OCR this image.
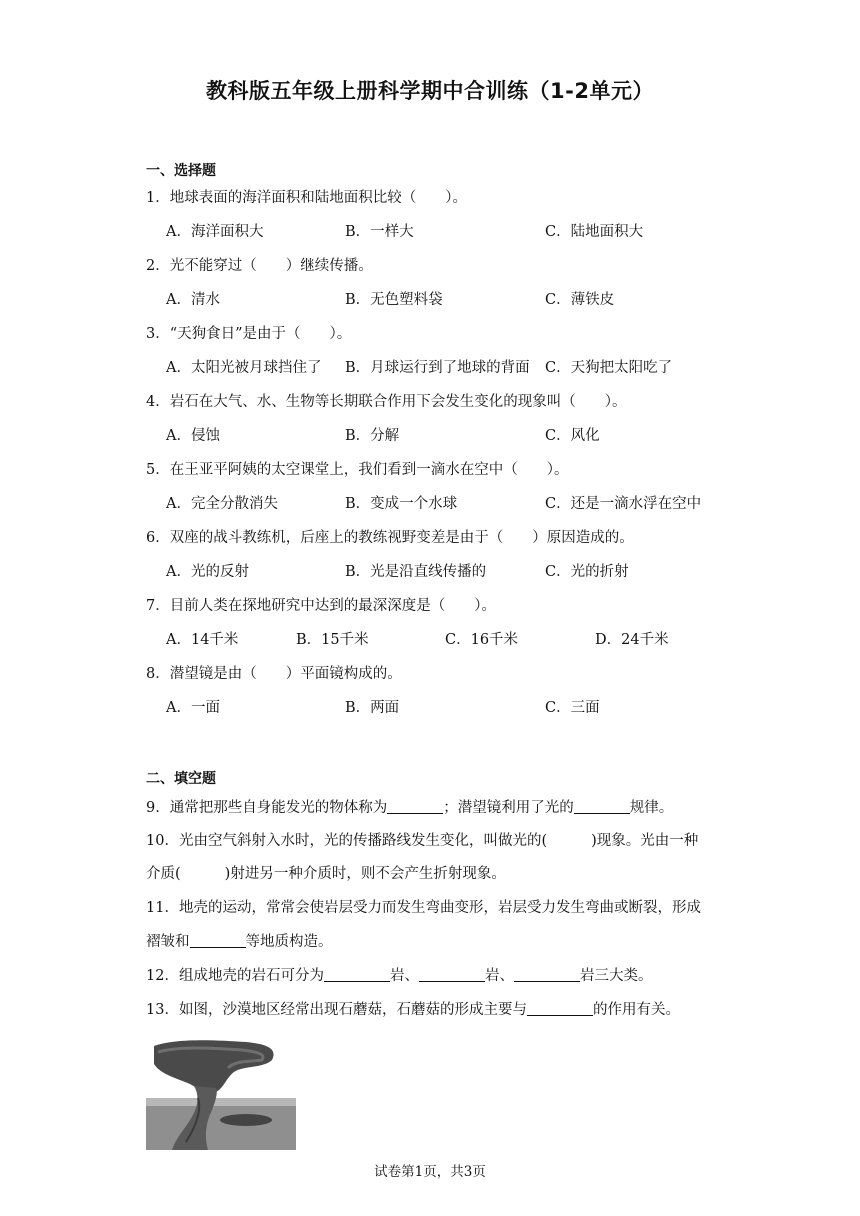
教科版五年级上册科学期中合训练（1-2单元）
一、选择题
1．地球表面的海洋面积和陆地面积比较（　　）。
A．海洋面积大	B．一样大	C．陆地面积大
2．光不能穿过（　　）继续传播。
A．清水	B．无色塑料袋	C．薄铁皮
3．“天狗食日”是由于（　　）。
A．太阳光被月球挡住了 B．月球运行到了地球的背面 C．天狗把太阳吃了
4．岩石在大气、水、生物等长期联合作用下会发生变化的现象叫（　　）。
A．侵蚀	B．分解	C．风化
5．在王亚平阿姨的太空课堂上，我们看到一滴水在空中（　　）。
A．完全分散消失	B．变成一个水球	C．还是一滴水浮在空中
6．双座的战斗教练机，后座上的教练视野变差是由于（　　）原因造成的。
A．光的反射	B．光是沿直线传播的	C．光的折射
7．目前人类在探地研究中达到的最深深度是（　　）。
A．14千米	B．15千米	C．16千米	D．24千米
8．潜望镜是由（　　）平面镜构成的。
A．一面	B．两面	C．三面
二、填空题
9．通常把那些自身能发光的物体称为	；潜望镜利用了光的	规律。
10．光由空气斜射入水时，光的传播路线发生变化，叫做光的(	)现象。光由一种
介质(	)射进另一种介质时，则不会产生折射现象。
11．地壳的运动，常常会使岩层受力而发生弯曲变形，岩层受力发生弯曲或断裂，形成
褶皱和	等地质构造。
12．组成地壳的岩石可分为	岩、	岩、	岩三大类。
13．如图，沙漠地区经常出现石蘑菇，石蘑菇的形成主要与	的作用有关。
试卷第1页，共3页
